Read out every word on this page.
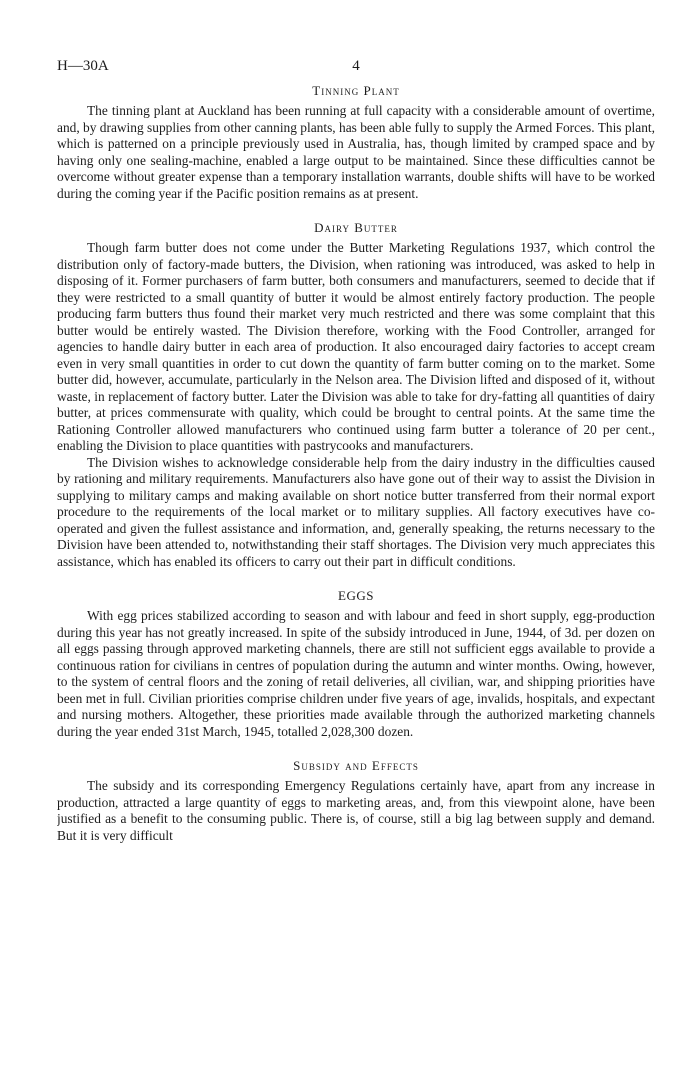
H—30A	4
Tinning Plant

The tinning plant at Auckland has been running at full capacity with a considerable amount of overtime, and, by drawing supplies from other canning plants, has been able fully to supply the Armed Forces. This plant, which is patterned on a principle previously used in Australia, has, though limited by cramped space and by having only one sealing-machine, enabled a large output to be maintained. Since these difficulties cannot be overcome without greater expense than a temporary installation warrants, double shifts will have to be worked during the coming year if the Pacific position remains as at present.

Dairy Butter

Though farm butter does not come under the Butter Marketing Regulations 1937, which control the distribution only of factory-made butters, the Division, when rationing was introduced, was asked to help in disposing of it. Former purchasers of farm butter, both consumers and manufacturers, seemed to decide that if they were restricted to a small quantity of butter it would be almost entirely factory production. The people producing farm butters thus found their market very much restricted and there was some complaint that this butter would be entirely wasted. The Division therefore, working with the Food Controller, arranged for agencies to handle dairy butter in each area of production. It also encouraged dairy factories to accept cream even in very small quantities in order to cut down the quantity of farm butter coming on to the market. Some butter did, however, accumulate, particularly in the Nelson area. The Division lifted and disposed of it, without waste, in replacement of factory butter. Later the Division was able to take for dry-fatting all quantities of dairy butter, at prices commensurate with quality, which could be brought to central points. At the same time the Rationing Controller allowed manufacturers who continued using farm butter a tolerance of 20 per cent., enabling the Division to place quantities with pastrycooks and manufacturers.

The Division wishes to acknowledge considerable help from the dairy industry in the difficulties caused by rationing and military requirements. Manufacturers also have gone out of their way to assist the Division in supplying to military camps and making available on short notice butter transferred from their normal export procedure to the requirements of the local market or to military supplies. All factory executives have co-operated and given the fullest assistance and information, and, generally speaking, the returns necessary to the Division have been attended to, notwithstanding their staff shortages. The Division very much appreciates this assistance, which has enabled its officers to carry out their part in difficult conditions.

EGGS

With egg prices stabilized according to season and with labour and feed in short supply, egg-production during this year has not greatly increased. In spite of the subsidy introduced in June, 1944, of 3d. per dozen on all eggs passing through approved marketing channels, there are still not sufficient eggs available to provide a continuous ration for civilians in centres of population during the autumn and winter months. Owing, however, to the system of central floors and the zoning of retail deliveries, all civilian, war, and shipping priorities have been met in full. Civilian priorities comprise children under five years of age, invalids, hospitals, and expectant and nursing mothers. Altogether, these priorities made available through the authorized marketing channels during the year ended 31st March, 1945, totalled 2,028,300 dozen.

Subsidy and Effects

The subsidy and its corresponding Emergency Regulations certainly have, apart from any increase in production, attracted a large quantity of eggs to marketing areas, and, from this viewpoint alone, have been justified as a benefit to the consuming public. There is, of course, still a big lag between supply and demand. But it is very difficult
